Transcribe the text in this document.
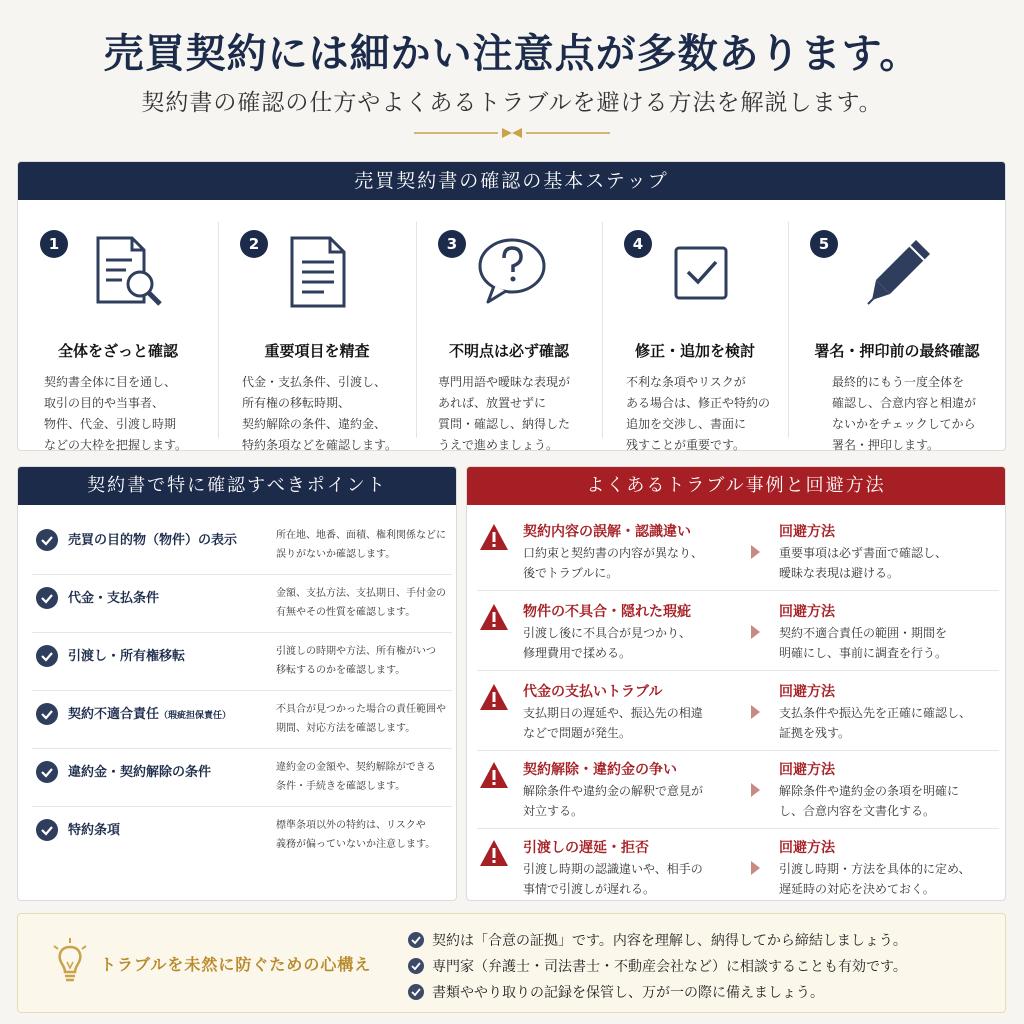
売買契約には細かい注意点が多数あります。
契約書の確認の仕方やよくあるトラブルを避ける方法を解説します。
売買契約書の確認の基本ステップ
1
全体をざっと確認
契約書全体に目を通し、
取引の目的や当事者、
物件、代金、引渡し時期
などの大枠を把握します。
2
重要項目を精査
代金・支払条件、引渡し、
所有権の移転時期、
契約解除の条件、違約金、
特約条項などを確認します。
3
不明点は必ず確認
専門用語や曖昧な表現が
あれば、放置せずに
質問・確認し、納得した
うえで進めましょう。
4
修正・追加を検討
不利な条項やリスクが
ある場合は、修正や特約の
追加を交渉し、書面に
残すことが重要です。
5
署名・押印前の最終確認
最終的にもう一度全体を
確認し、合意内容と相違が
ないかをチェックしてから
署名・押印します。
契約書で特に確認すべきポイント
売買の目的物（物件）の表示	所在地、地番、面積、権利関係などに
誤りがないか確認します。
代金・支払条件	金額、支払方法、支払期日、手付金の
有無やその性質を確認します。
引渡し・所有権移転	引渡しの時期や方法、所有権がいつ
移転するのかを確認します。
契約不適合責任（瑕疵担保責任）
不具合が見つかった場合の責任範囲や
期間、対応方法を確認します。
違約金・契約解除の条件	違約金の金額や、契約解除ができる
条件・手続きを確認します。
特約条項	標準条項以外の特約は、リスクや
義務が偏っていないか注意します。
よくあるトラブル事例と回避方法
契約内容の誤解・認識違い
口約束と契約書の内容が異なり、
後でトラブルに。
回避方法
重要事項は必ず書面で確認し、
曖昧な表現は避ける。
物件の不具合・隠れた瑕疵
引渡し後に不具合が見つかり、
修理費用で揉める。
回避方法
契約不適合責任の範囲・期間を
明確にし、事前に調査を行う。
代金の支払いトラブル
支払期日の遅延や、振込先の相違
などで問題が発生。
回避方法
支払条件や振込先を正確に確認し、
証拠を残す。
契約解除・違約金の争い
解除条件や違約金の解釈で意見が
対立する。
回避方法
解除条件や違約金の条項を明確に
し、合意内容を文書化する。
引渡しの遅延・拒否
引渡し時期の認識違いや、相手の
事情で引渡しが遅れる。
回避方法
引渡し時期・方法を具体的に定め、
遅延時の対応を決めておく。
トラブルを未然に防ぐための心構え
契約は「合意の証拠」です。内容を理解し、納得してから締結しましょう。
専門家（弁護士・司法書士・不動産会社など）に相談することも有効です。
書類ややり取りの記録を保管し、万が一の際に備えましょう。
